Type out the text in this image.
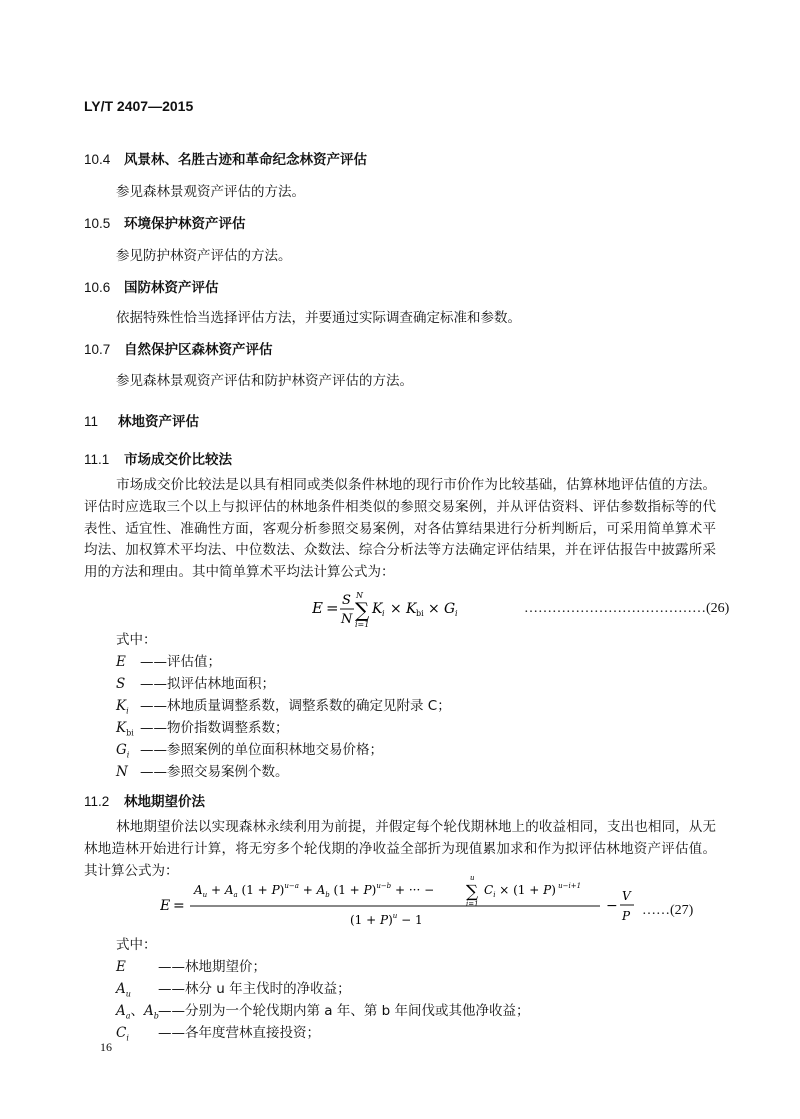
LY/T 2407—2015
10.4 风景林、名胜古迹和革命纪念林资产评估
参见森林景观资产评估的方法。
10.5 环境保护林资产评估
参见防护林资产评估的方法。
10.6 国防林资产评估
依据特殊性恰当选择评估方法，并要通过实际调查确定标准和参数。
10.7 自然保护区森林资产评估
参见森林景观资产评估和防护林资产评估的方法。
11 林地资产评估
11.1 市场成交价比较法
市场成交价比较法是以具有相同或类似条件林地的现行市价作为比较基础，估算林地评估值的方法。评估时应选取三个以上与拟评估的林地条件相类似的参照交易案例，并从评估资料、评估参数指标等的代表性、适宜性、准确性方面，客观分析参照交易案例，对各估算结果进行分析判断后，可采用简单算术平均法、加权算术平均法、中位数法、众数法、综合分析法等方法确定评估结果，并在评估报告中披露所采用的方法和理由。其中简单算术平均法计算公式为：
E = S
N
N
∑
i=1
K i × K bi × G i	…………………………………(26)
式中：
E ——评估值；
S ——拟评估林地面积；
$K_i$ ——林地质量调整系数，调整系数的确定见附录 C；
$K_{bi}$ ——物价指数调整系数；
$G_i$ ——参照案例的单位面积林地交易价格；
N ——参照交易案例个数。
11.2 林地期望价法
林地期望价法以实现森林永续利用为前提，并假定每个轮伐期林地上的收益相同，支出也相同，从无林地造林开始进行计算，将无穷多个轮伐期的净收益全部折为现值累加求和作为拟评估林地资产评估值。其计算公式为：
E =
$A_u + A_a$ $(1 + P)^{u-a} + A_b$ $(1 + P)^{u-b}$ + ··· −
u
∑
i=1
$C_i \times (1 + P)$ $^{u-i+1}$
$(1 + P)^u - 1$
−
V
P ……(27)
式中：
E ——林地期望价；
$A_u$ ——林分 u 年主伐时的净收益；
$A_a$、$A_b——$分别为一个轮伐期内第 a 年、第 b 年间伐或其他净收益；
$C_i$ ——各年度营林直接投资；
16
